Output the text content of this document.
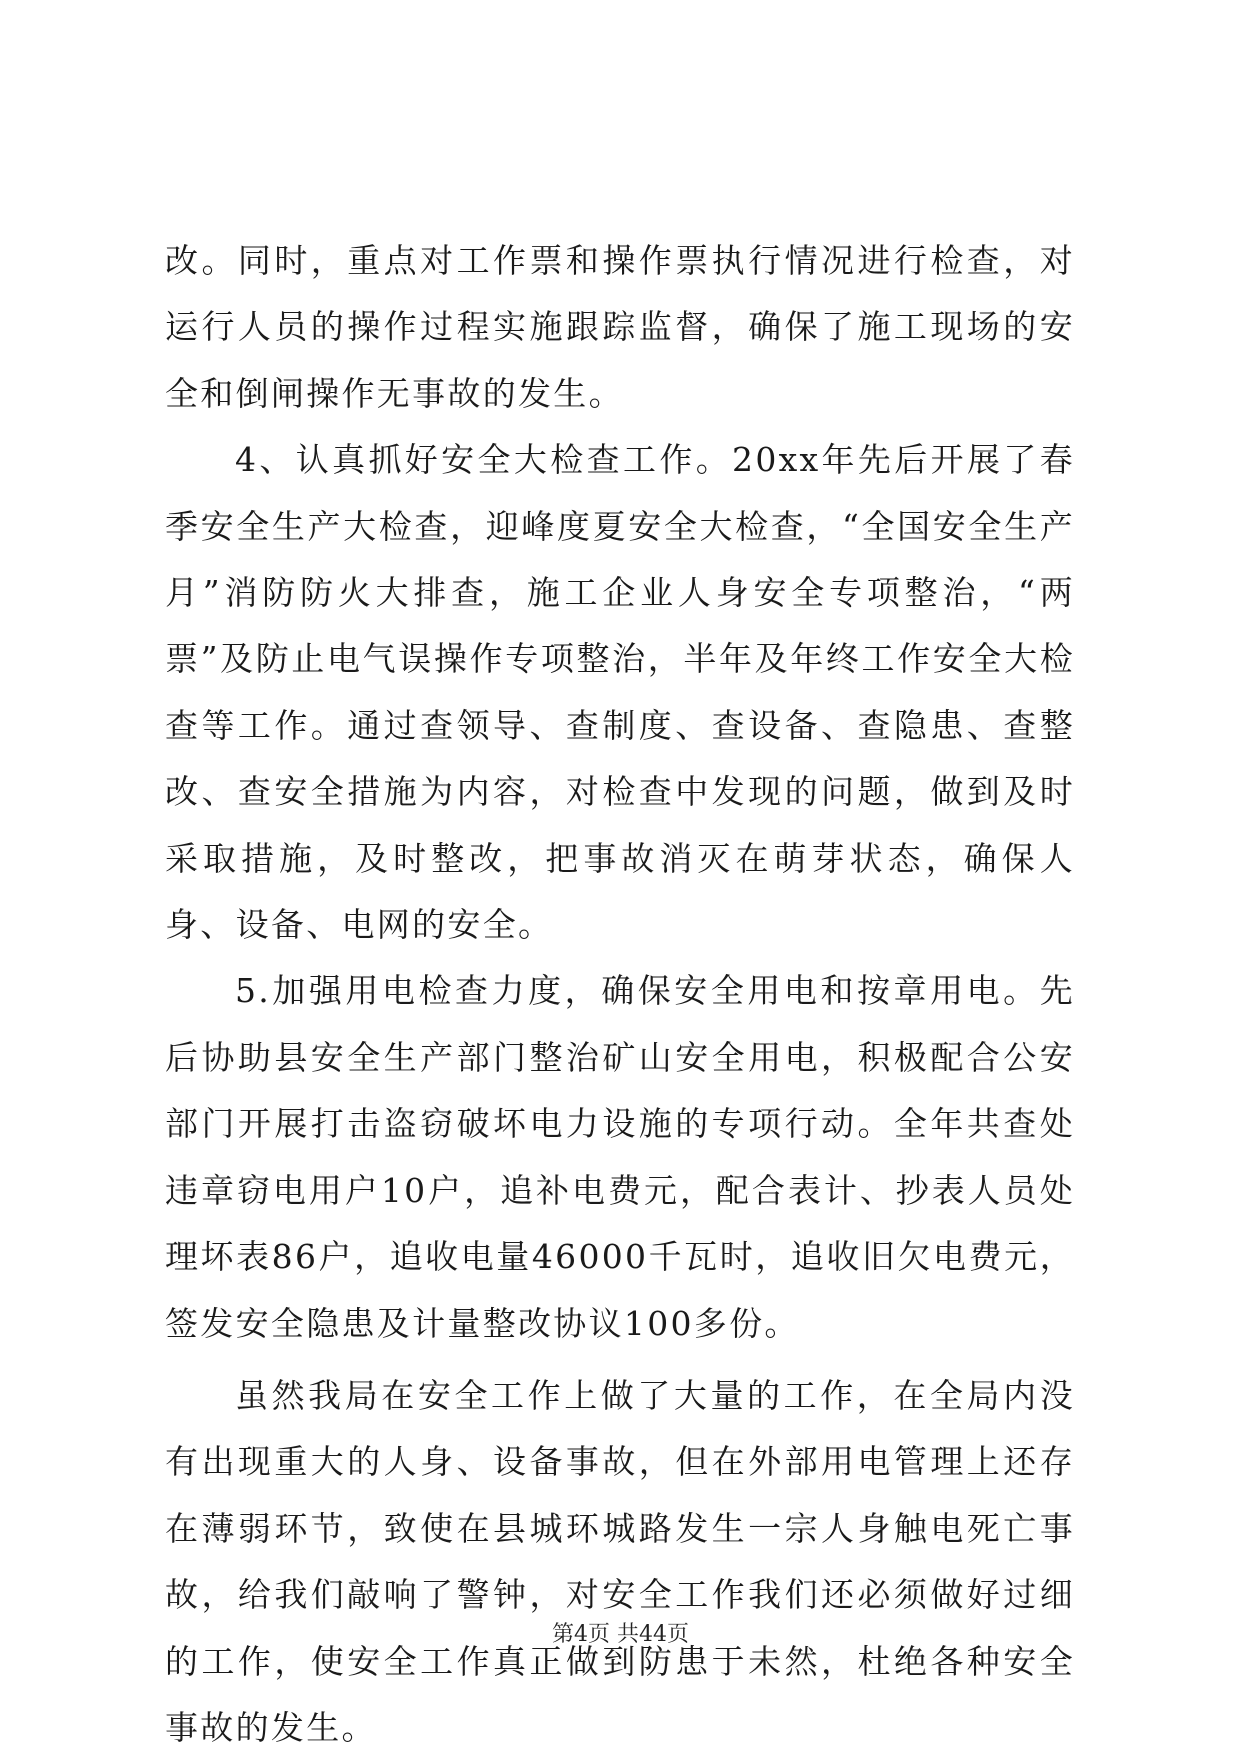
改。同时，重点对工作票和操作票执行情况进行检查，对运行人员的操作过程实施跟踪监督，确保了施工现场的安全和倒闸操作无事故的发生。

4、认真抓好安全大检查工作。20xx年先后开展了春季安全生产大检查，迎峰度夏安全大检查，“全国安全生产月”消防防火大排查，施工企业人身安全专项整治，“两票”及防止电气误操作专项整治，半年及年终工作安全大检查等工作。通过查领导、查制度、查设备、查隐患、查整改、查安全措施为内容，对检查中发现的问题，做到及时采取措施，及时整改，把事故消灭在萌芽状态，确保人身、设备、电网的安全。

5.加强用电检查力度，确保安全用电和按章用电。先后协助县安全生产部门整治矿山安全用电，积极配合公安部门开展打击盗窃破坏电力设施的专项行动。全年共查处违章窃电用户10户，追补电费元，配合表计、抄表人员处理坏表86户，追收电量46000千瓦时，追收旧欠电费元，签发安全隐患及计量整改协议100多份。

虽然我局在安全工作上做了大量的工作，在全局内没有出现重大的人身、设备事故，但在外部用电管理上还存在薄弱环节，致使在县城环城路发生一宗人身触电死亡事故，给我们敲响了警钟，对安全工作我们还必须做好过细的工作，使安全工作真正做到防患于未然，杜绝各种安全事故的发生。

第4页 共44页
